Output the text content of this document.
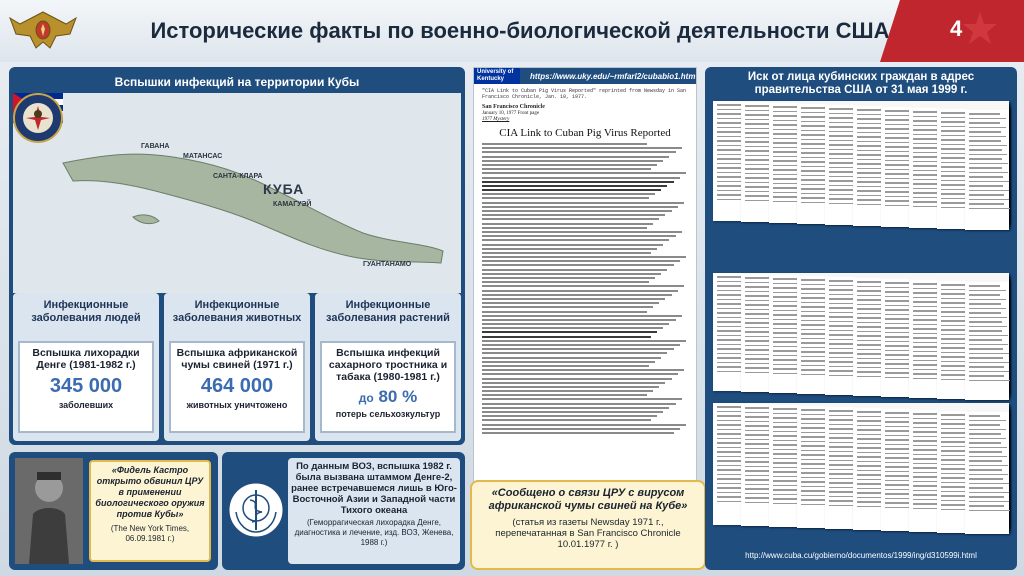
Исторические факты по военно-биологической деятельности США	4
Вспышки инфекций на территории Кубы
ГАВАНА
МАТАНСАС
САНТА-КЛАРА
КАМАГУЭЙ
ГУАНТАНАМО
КУБА
Инфекционные заболевания людей
Вспышка лихорадки Денге (1981-1982 г.)
345 000
заболевших
Инфекционные заболевания животных
Вспышка африканской чумы свиней (1971 г.)
464 000
животных уничтожено
Инфекционные заболевания растений
Вспышка инфекций сахарного тростника и табака (1980-1981 г.)
до 80 %
потерь сельхозкультур
«Фидель Кастро открыто обвинил ЦРУ в применении биологического оружия против Кубы»
(The New York Times, 06.09.1981 г.)
По данным ВОЗ, вспышка 1982 г. была вызвана штаммом Денге-2, ранее встречавшемся лишь в Юго-Восточной Азии и Западной части Тихого океана
(Геморрагическая лихорадка Денге, диагностика и лечение, изд. ВОЗ, Женева, 1988 г.)
University of Kentucky	https://www.uky.edu/~rmfarl2/cubabio1.htm
"CIA Link to Cuban Pig Virus Reported" reprinted from Newsday in San Francisco Chronicle, Jan. 10, 1977.
San Francisco Chronicle
January 10, 1977 Front page
1977 Mystery
CIA Link to Cuban Pig Virus Reported
«Сообщено о связи ЦРУ с вирусом африканской чумы свиней на Кубе»
(статья из газеты Newsday 1971 г., перепечатанная в San Francisco Chronicle 10.01.1977 г. )
Иск от лица кубинских граждан в адрес правительства США от 31 мая 1999 г.
http://www.cuba.cu/gobierno/documentos/1999/ing/d310599i.html
